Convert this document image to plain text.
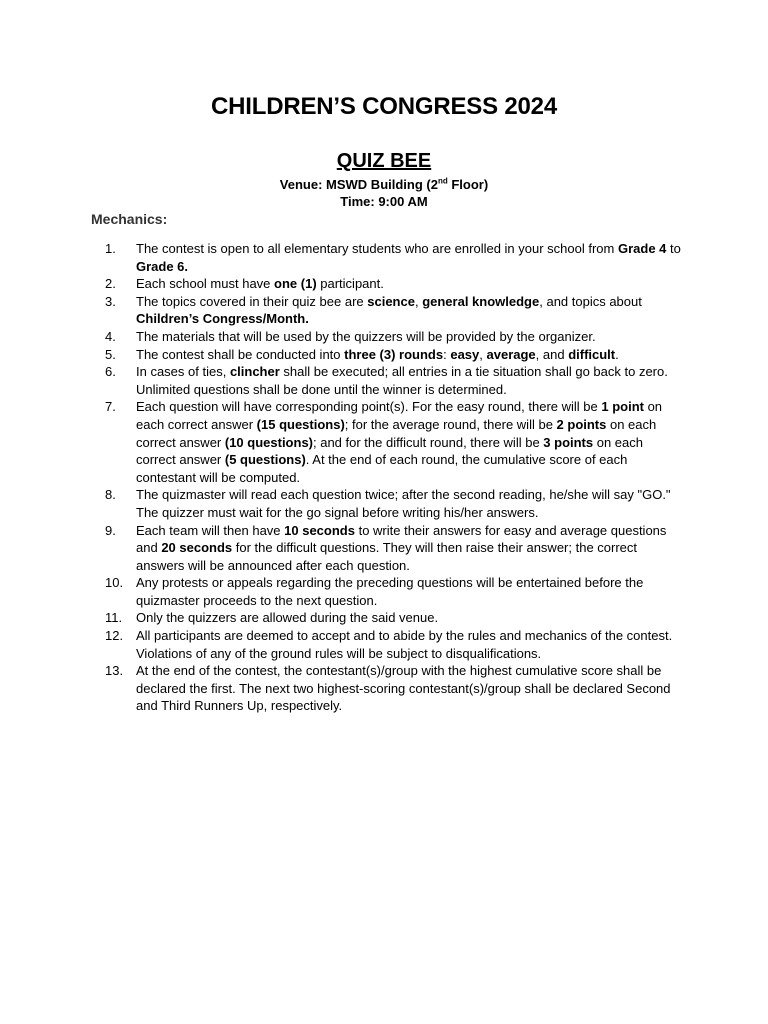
CHILDREN’S CONGRESS 2024
QUIZ BEE
Venue: MSWD Building (2nd Floor)
Time: 9:00 AM
Mechanics:
1.	The contest is open to all elementary students who are enrolled in your school from Grade 4 to Grade 6.
2.	Each school must have one (1) participant.
3.	The topics covered in their quiz bee are science, general knowledge, and topics about Children’s Congress/Month.
4.	The materials that will be used by the quizzers will be provided by the organizer.
5.	The contest shall be conducted into three (3) rounds: easy, average, and difficult.
6.	In cases of ties, clincher shall be executed; all entries in a tie situation shall go back to zero. Unlimited questions shall be done until the winner is determined.
7.	Each question will have corresponding point(s). For the easy round, there will be 1 point on each correct answer (15 questions); for the average round, there will be 2 points on each correct answer (10 questions); and for the difficult round, there will be 3 points on each correct answer (5 questions). At the end of each round, the cumulative score of each contestant will be computed.
8.	The quizmaster will read each question twice; after the second reading, he/she will say "GO." The quizzer must wait for the go signal before writing his/her answers.
9.	Each team will then have 10 seconds to write their answers for easy and average questions and 20 seconds for the difficult questions. They will then raise their answer; the correct answers will be announced after each question.
10. Any protests or appeals regarding the preceding questions will be entertained before the quizmaster proceeds to the next question.
11.	Only the quizzers are allowed during the said venue.
12. All participants are deemed to accept and to abide by the rules and mechanics of the contest. Violations of any of the ground rules will be subject to disqualifications.
13. At the end of the contest, the contestant(s)/group with the highest cumulative score shall be declared the first. The next two highest-scoring contestant(s)/group shall be declared Second and Third Runners Up, respectively.
